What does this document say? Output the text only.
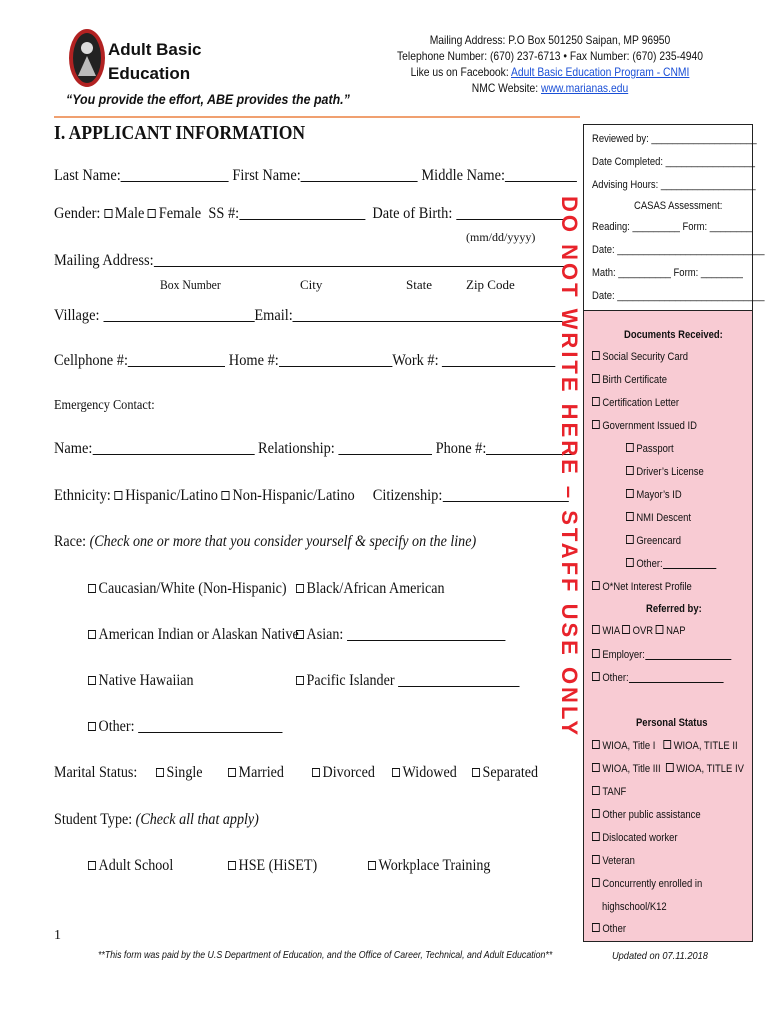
Adult Basic
Education
“You provide the effort, ABE provides the path.”
Mailing Address: P.O Box 501250 Saipan, MP 96950
Telephone Number: (670) 237-6713 • Fax Number: (670) 235-4940
Like us on Facebook: Adult Basic Education Program - CNMI
NMC Website: www.marianas.edu
I. APPLICANT INFORMATION
Last Name:	First Name:	Middle Name:
Gender: Male Female SS #:	Date of Birth:
(mm/dd/yyyy)
Mailing Address:
Box Number	City	State	Zip Code
Village:	Email:
Cellphone #:	Home #:	Work #:
Emergency Contact:
Name:	Relationship:	Phone #:
Ethnicity: Hispanic/Latino Non-Hispanic/Latino Citizenship:
Race: (Check one or more that you consider yourself & specify on the line)
Caucasian/White (Non-Hispanic)	Black/African American
American Indian or Alaskan Native Asian:
Native Hawaiian	Pacific Islander
Other:
Marital Status:	Single	Married	Divorced	Widowed	Separated
Student Type: (Check all that apply)
Adult School	HSE (HiSET)	Workplace Training
DO NOT WRITE HERE – STAFF USE ONLY
Reviewed by: ____________________
Date Completed: _________________
Advising Hours: __________________
CASAS Assessment:
Reading: _________ Form: ________
Date: ____________________________
Math: __________ Form: ________
Date: ____________________________
Documents Received:
Social Security Card
Birth Certificate
Certification Letter
Government Issued ID
Passport
Driver’s License
Mayor’s ID
NMI Descent
Greencard
Other:
O*Net Interest Profile
Referred by:
WIA OVR NAP
Employer:
Other:
Personal Status
WIOA, Title I WIOA, TITLE II
WIOA, Title III WIOA, TITLE IV
TANF
Other public assistance
Dislocated worker
Veteran
Concurrently enrolled in
highschool/K12
Other
1
**This form was paid by the U.S Department of Education, and the Office of Career, Technical, and Adult Education**	Updated on 07.11.2018
